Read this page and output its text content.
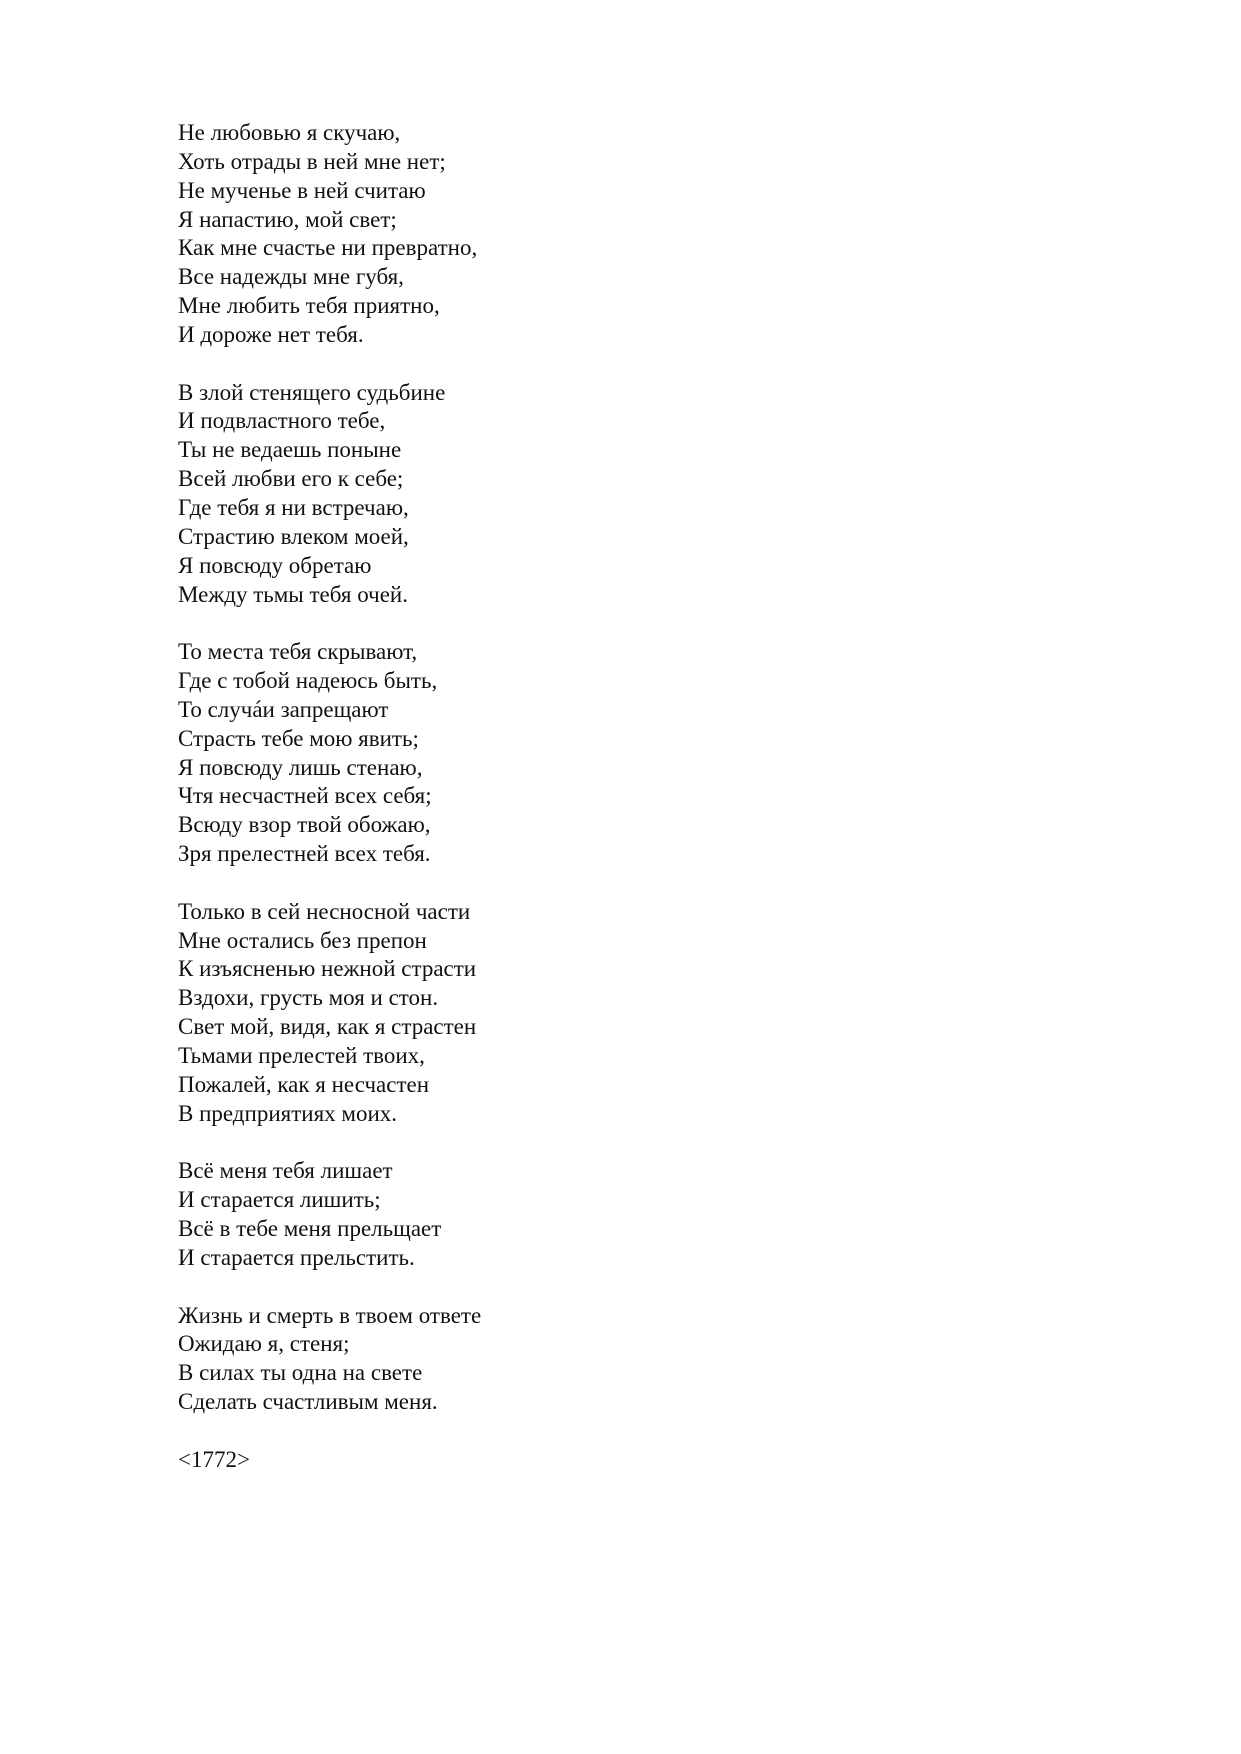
Не любовью я скучаю,
Хоть отрады в ней мне нет;
Не мученье в ней считаю
Я напастию, мой свет;
Как мне счастье ни превратно,
Все надежды мне губя,
Мне любить тебя приятно,
И дороже нет тебя.
В злой стенящего судьбине
И подвластного тебе,
Ты не ведаешь поныне
Всей любви его к себе;
Где тебя я ни встречаю,
Страстию влеком моей,
Я повсюду обретаю
Между тьмы тебя очей.
То места тебя скрывают,
Где с тобой надеюсь быть,
То случáи запрещают
Страсть тебе мою явить;
Я повсюду лишь стенаю,
Чтя несчастней всех себя;
Всюду взор твой обожаю,
Зря прелестней всех тебя.
Только в сей несносной части
Мне остались без препон
К изъясненью нежной страсти
Вздохи, грусть моя и стон.
Свет мой, видя, как я страстен
Тьмами прелестей твоих,
Пожалей, как я несчастен
В предприятиях моих.
Всё меня тебя лишает
И старается лишить;
Всё в тебе меня прельщает
И старается прельстить.
Жизнь и смерть в твоем ответе
Ожидаю я, стеня;
В силах ты одна на свете
Сделать счастливым меня.
<1772>
